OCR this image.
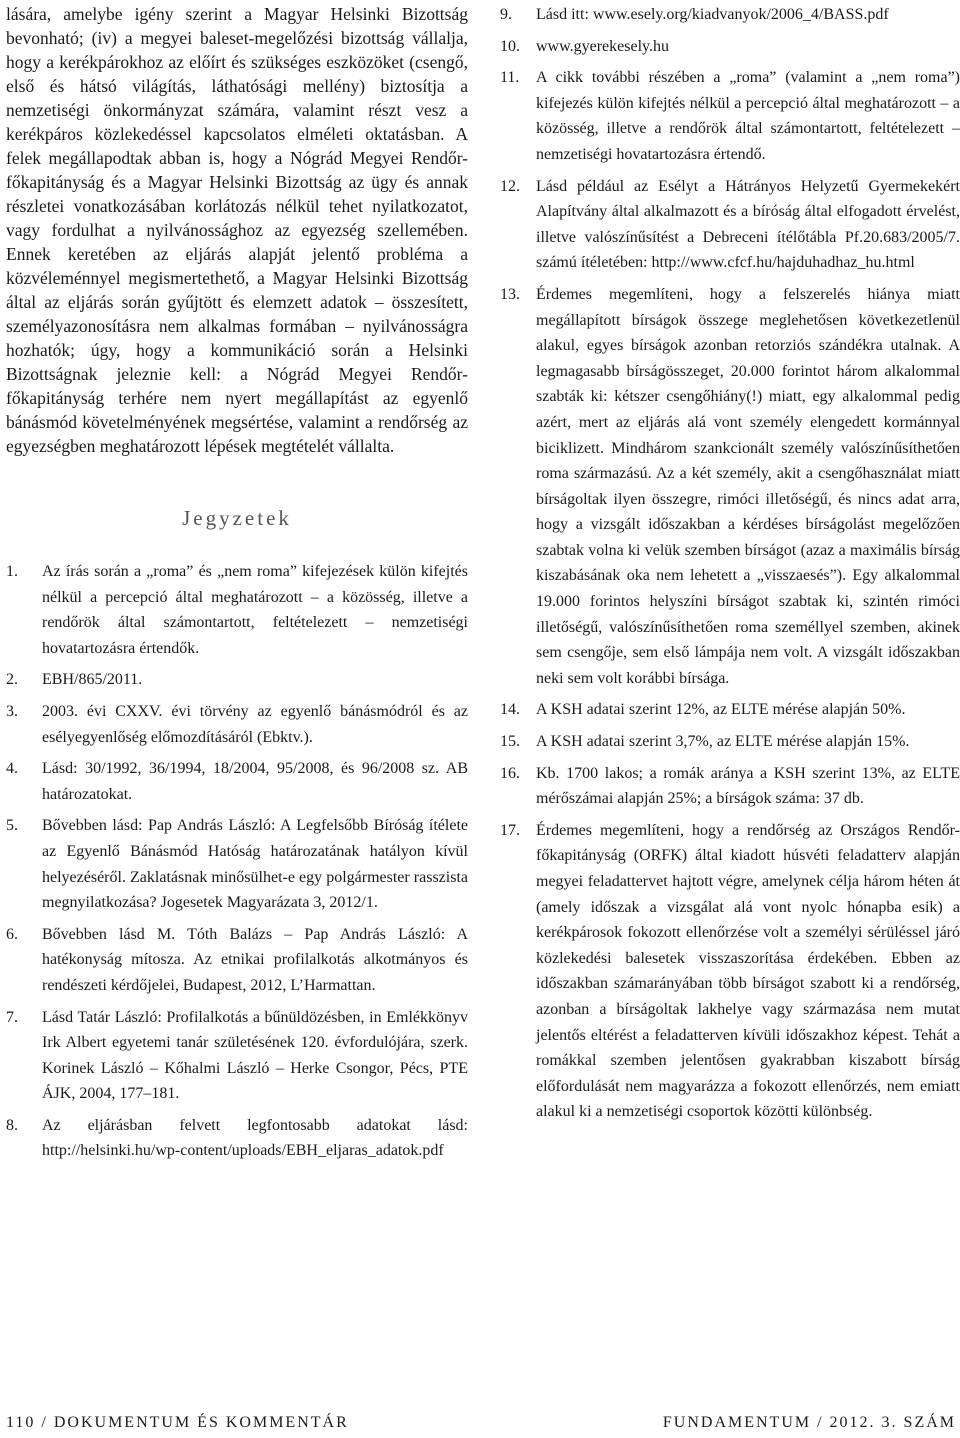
lására, amelybe igény szerint a Magyar Helsinki Bizottság bevonható; (iv) a megyei baleset-megelőzési bizottság vállalja, hogy a kerékpárokhoz az előírt és szükséges eszközöket (csengő, első és hátsó világítás, láthatósági mellény) biztosítja a nemzetiségi önkormányzat számára, valamint részt vesz a kerékpáros közlekedéssel kapcsolatos elméleti oktatásban. A felek megállapodtak abban is, hogy a Nógrád Megyei Rendőr-főkapitányság és a Magyar Helsinki Bizottság az ügy és annak részletei vonatkozásában korlátozás nélkül tehet nyilatkozatot, vagy fordulhat a nyilvánossághoz az egyezség szellemében. Ennek keretében az eljárás alapját jelentő probléma a közvéleménnyel megismertethető, a Magyar Helsinki Bizottság által az eljárás során gyűjtött és elemzett adatok – összesített, személyazonosításra nem alkalmas formában – nyilvánosságra hozhatók; úgy, hogy a kommunikáció során a Helsinki Bizottságnak jeleznie kell: a Nógrád Megyei Rendőr-főkapitányság terhére nem nyert megállapítást az egyenlő bánásmód követelményének megsértése, valamint a rendőrség az egyezségben meghatározott lépések megtételét vállalta.

Jegyzetek
1. Az írás során a „roma” és „nem roma” kifejezések külön kifejtés nélkül a percepció által meghatározott – a közösség, illetve a rendőrök által számontartott, feltételezett – nemzetiségi hovatartozásra értendők.
2. EBH/865/2011.
3. 2003. évi CXXV. évi törvény az egyenlő bánásmódról és az esélyegyenlőség előmozdításáról (Ebktv.).
4. Lásd: 30/1992, 36/1994, 18/2004, 95/2008, és 96/2008 sz. AB határozatokat.
5. Bővebben lásd: Pap András László: A Legfelsőbb Bíróság ítélete az Egyenlő Bánásmód Hatóság határozatának hatályon kívül helyezéséről. Zaklatásnak minősülhet-e egy polgármester rasszista megnyilatkozása? Jogesetek Magyarázata 3, 2012/1.
6. Bővebben lásd M. Tóth Balázs – Pap András László: A hatékonyság mítosza. Az etnikai profilalkotás alkotmányos és rendészeti kérdőjelei, Budapest, 2012, L’Harmattan.
7. Lásd Tatár László: Profilalkotás a bűnüldözésben, in Emlékkönyv Irk Albert egyetemi tanár születésének 120. évfordulójára, szerk. Korinek László – Kőhalmi László – Herke Csongor, Pécs, PTE ÁJK, 2004, 177–181.
8. Az eljárásban felvett legfontosabb adatokat lásd: http://helsinki.hu/wp-content/uploads/EBH_eljaras_adatok.pdf
9. Lásd itt: www.esely.org/kiadvanyok/2006_4/BASS.pdf
10. www.gyerekesely.hu
11. A cikk további részében a „roma” (valamint a „nem roma”) kifejezés külön kifejtés nélkül a percepció által meghatározott – a közösség, illetve a rendőrök által számontartott, feltételezett – nemzetiségi hovatartozásra értendő.
12. Lásd például az Esélyt a Hátrányos Helyzetű Gyermekekért Alapítvány által alkalmazott és a bíróság által elfogadott érvelést, illetve valószínűsítést a Debreceni ítélőtábla Pf.20.683/2005/7. számú ítéletében: http://www.cfcf.hu/hajduhadhaz_hu.html
13. Érdemes megemlíteni, hogy a felszerelés hiánya miatt megállapított bírságok összege meglehetősen következetlenül alakul, egyes bírságok azonban retorziós szándékra utalnak. A legmagasabb bírságösszeget, 20.000 forintot három alkalommal szabták ki: kétszer csengőhiány(!) miatt, egy alkalommal pedig azért, mert az eljárás alá vont személy elengedett kormánnyal biciklizett. Mindhárom szankcionált személy valószínűsíthetően roma származású. Az a két személy, akit a csengőhasználat miatt bírságoltak ilyen összegre, rimóci illetőségű, és nincs adat arra, hogy a vizsgált időszakban a kérdéses bírságolást megelőzően szabtak volna ki velük szemben bírságot (azaz a maximális bírság kiszabásának oka nem lehetett a „visszaesés”). Egy alkalommal 19.000 forintos helyszíni bírságot szabtak ki, szintén rimóci illetőségű, valószínűsíthetően roma személlyel szemben, akinek sem csengője, sem első lámpája nem volt. A vizsgált időszakban neki sem volt korábbi bírsága.
14. A KSH adatai szerint 12%, az ELTE mérése alapján 50%.
15. A KSH adatai szerint 3,7%, az ELTE mérése alapján 15%.
16. Kb. 1700 lakos; a romák aránya a KSH szerint 13%, az ELTE mérőszámai alapján 25%; a bírságok száma: 37 db.
17. Érdemes megemlíteni, hogy a rendőrség az Országos Rendőr-főkapitányság (ORFK) által kiadott húsvéti feladatterv alapján megyei feladattervet hajtott végre, amelynek célja három héten át (amely időszak a vizsgálat alá vont nyolc hónapba esik) a kerékpárosok fokozott ellenőrzése volt a személyi sérüléssel járó közlekedési balesetek visszaszorítása érdekében. Ebben az időszakban számarányában több bírságot szabott ki a rendőrség, azonban a bírságoltak lakhelye vagy származása nem mutat jelentős eltérést a feladatterven kívüli időszakhoz képest. Tehát a romákkal szemben jelentősen gyakrabban kiszabott bírság előfordulását nem magyarázza a fokozott ellenőrzés, nem emiatt alakul ki a nemzetiségi csoportok közötti különbség.
110 / DOKUMENTUM ÉS KOMMENTÁR	FUNDAMENTUM / 2012. 3. SZÁM
